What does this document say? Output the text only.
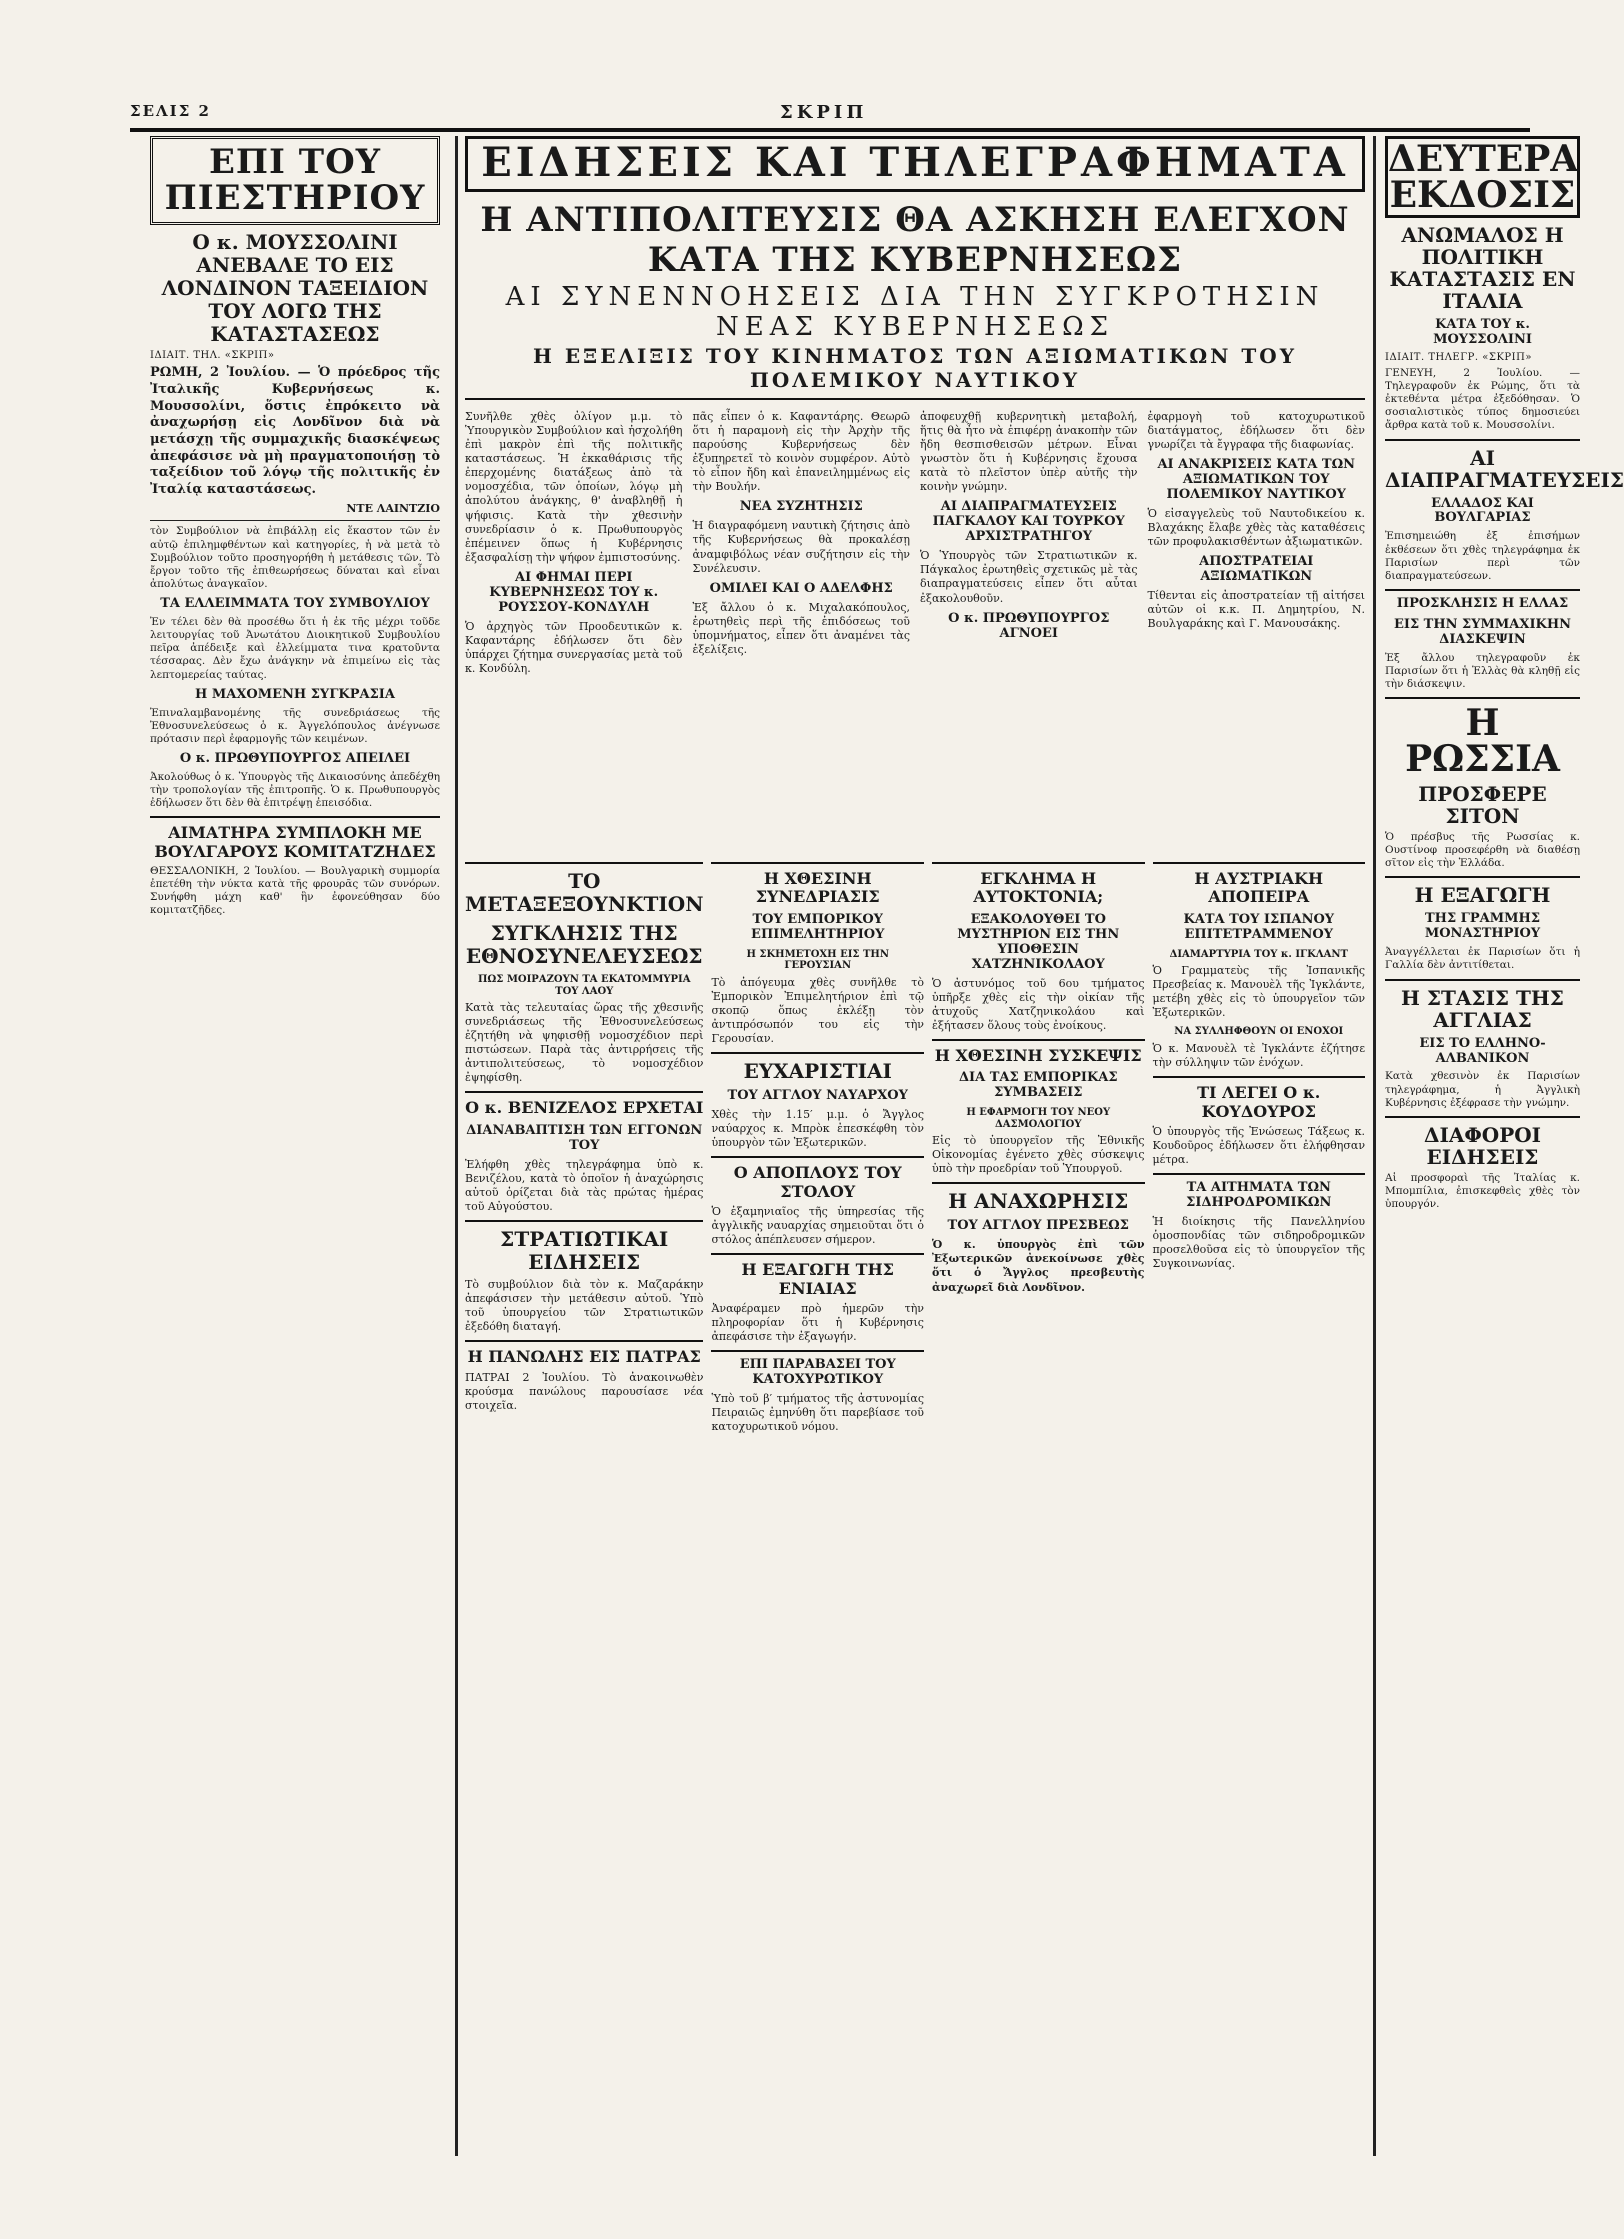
ΣΕΛΙΣ 2	ΣΚΡΙΠ
ΕΠΙ ΤΟΥ ΠΙΕΣΤΗΡΙΟΥ
Ο κ. ΜΟΥΣΣΟΛΙΝΙ ΑΝΕΒΑΛΕ ΤΟ ΕΙΣ ΛΟΝΔΙΝΟΝ ΤΑΞΕΙΔΙΟΝ ΤΟΥ ΛΟΓΩ ΤΗΣ ΚΑΤΑΣΤΑΣΕΩΣ
ΙΔΙΑΙΤ. ΤΗΛ. «ΣΚΡΙΠ»
ΡΩΜΗ, 2 Ἰουλίου. — Ὁ πρόεδρος τῆς Ἰταλικῆς Κυβερνήσεως κ. Μουσσολίνι, ὅστις ἐπρόκειτο νὰ ἀναχωρήσῃ εἰς Λονδῖνον διὰ νὰ μετάσχῃ τῆς συμμαχικῆς διασκέψεως ἀπεφάσισε νὰ μὴ πραγματοποιήσῃ τὸ ταξείδιον τοῦ λόγῳ τῆς πολιτικῆς ἐν Ἰταλίᾳ καταστάσεως.
ΝΤΕ ΛΑΙΝΤΖΙΟ
τὸν Συμβούλιον νὰ ἐπιβάλλῃ εἰς ἕκαστον τῶν ἐν αὐτῷ ἐπιλημφθέντων καὶ κατηγορίες, ἡ νὰ μετὰ τὸ Συμβούλιον τοῦτο προσηγορήθη ἡ μετάθεσις τῶν. Τὸ ἔργον τοῦτο τῆς ἐπιθεωρήσεως δύναται καὶ εἶναι ἀπολύτως ἀναγκαῖον.
ΤΑ ΕΛΛΕΙΜΜΑΤΑ ΤΟΥ ΣΥΜΒΟΥΛΙΟΥ
Ἐν τέλει δὲν θὰ προσέθω ὅτι ἡ ἐκ τῆς μέχρι τοῦδε λειτουργίας τοῦ Ἀνωτάτου Διοικητικοῦ Συμβουλίου πεῖρα ἀπέδειξε καὶ ἐλλείμματα τινα κρατοῦντα τέσσαρας. Δὲν ἔχω ἀνάγκην νὰ ἐπιμείνω εἰς τὰς λεπτομερείας ταύτας.
Η ΜΑΧΟΜΕΝΗ ΣΥΓΚΡΑΣΙΑ
Ἐπιναλαμβανομένης τῆς συνεδριάσεως τῆς Ἐθνοσυνελεύσεως ὁ κ. Ἀγγελόπουλος ἀνέγνωσε πρότασιν περὶ ἐφαρμογῆς τῶν κειμένων.
Ο κ. ΠΡΩΘΥΠΟΥΡΓΟΣ ΑΠΕΙΛΕΙ
Ἀκολούθως ὁ κ. Ὑπουργὸς τῆς Δικαιοσύνης ἀπεδέχθη τὴν τροπολογίαν τῆς ἐπιτροπῆς. Ὁ κ. Πρωθυπουργὸς ἐδήλωσεν ὅτι δὲν θὰ ἐπιτρέψῃ ἐπεισόδια.
ΑΙΜΑΤΗΡΑ ΣΥΜΠΛΟΚΗ ΜΕ ΒΟΥΛΓΑΡΟΥΣ ΚΟΜΙΤΑΤΖΗΔΕΣ
ΘΕΣΣΑΛΟΝΙΚΗ, 2 Ἰουλίου. — Βουλγαρικὴ συμμορία ἐπετέθη τὴν νύκτα κατὰ τῆς φρουρᾶς τῶν συνόρων. Συνήφθη μάχη καθ' ἣν ἐφονεύθησαν δύο κομιτατζῆδες.
ΕΙΔΗΣΕΙΣ ΚΑΙ ΤΗΛΕΓΡΑΦΗΜΑΤΑ
Η ΑΝΤΙΠΟΛΙΤΕΥΣΙΣ ΘΑ ΑΣΚΗΣΗ ΕΛΕΓΧΟΝ ΚΑΤΑ ΤΗΣ ΚΥΒΕΡΝΗΣΕΩΣ
ΑΙ ΣΥΝΕΝΝΟΗΣΕΙΣ ΔΙΑ ΤΗΝ ΣΥΓΚΡΟΤΗΣΙΝ ΝΕΑΣ ΚΥΒΕΡΝΗΣΕΩΣ
Η ΕΞΕΛΙΞΙΣ ΤΟΥ ΚΙΝΗΜΑΤΟΣ ΤΩΝ ΑΞΙΩΜΑΤΙΚΩΝ ΤΟΥ ΠΟΛΕΜΙΚΟΥ ΝΑΥΤΙΚΟΥ
Συνῆλθε χθὲς ὀλίγον μ.μ. τὸ Ὑπουργικὸν Συμβούλιον καὶ ἠσχολήθη ἐπὶ μακρὸν ἐπὶ τῆς πολιτικῆς καταστάσεως. Ἡ ἐκκαθάρισις τῆς ἐπερχομένης διατάξεως ἀπὸ τὰ νομοσχέδια, τῶν ὁποίων, λόγῳ μὴ ἀπολύτου ἀνάγκης, θ' ἀναβληθῇ ἡ ψήφισις. Κατὰ τὴν χθεσινὴν συνεδρίασιν ὁ κ. Πρωθυπουργὸς ἐπέμεινεν ὅπως ἡ Κυβέρνησις ἐξασφαλίσῃ τὴν ψήφον ἐμπιστοσύνης.
ΑΙ ΦΗΜΑΙ ΠΕΡΙ ΚΥΒΕΡΝΗΣΕΩΣ ΤΟΥ κ. ΡΟΥΣΣΟΥ-ΚΟΝΔΥΛΗ
Ὁ ἀρχηγὸς τῶν Προοδευτικῶν κ. Καφαντάρης ἐδήλωσεν ὅτι δὲν ὑπάρχει ζήτημα συνεργασίας μετὰ τοῦ κ. Κονδύλη.
πᾶς εἶπεν ὁ κ. Καφαντάρης. Θεωρῶ ὅτι ἡ παραμονὴ εἰς τὴν Ἀρχὴν τῆς παρούσης Κυβερνήσεως δὲν ἐξυπηρετεῖ τὸ κοινὸν συμφέρον. Αὐτὸ τὸ εἶπον ἤδη καὶ ἐπανειλημμένως εἰς τὴν Βουλήν.
ΝΕΑ ΣΥΖΗΤΗΣΙΣ
Ἡ διαγραφόμενη ναυτικὴ ζήτησις ἀπὸ τῆς Κυβερνήσεως θὰ προκαλέσῃ ἀναμφιβόλως νέαν συζήτησιν εἰς τὴν Συνέλευσιν.
ΟΜΙΛΕΙ ΚΑΙ Ο ΑΔΕΛΦΗΣ
Ἐξ ἄλλου ὁ κ. Μιχαλακόπουλος, ἐρωτηθεὶς περὶ τῆς ἐπιδόσεως τοῦ ὑπομνήματος, εἶπεν ὅτι ἀναμένει τὰς ἐξελίξεις.
ἀποφευχθῇ κυβερνητικὴ μεταβολή, ἥτις θὰ ἦτο νὰ ἐπιφέρῃ ἀνακοπὴν τῶν ἤδη θεσπισθεισῶν μέτρων. Εἶναι γνωστὸν ὅτι ἡ Κυβέρνησις ἔχουσα κατὰ τὸ πλεῖστον ὑπὲρ αὐτῆς τὴν κοινὴν γνώμην.
ΑΙ ΔΙΑΠΡΑΓΜΑΤΕΥΣΕΙΣ ΠΑΓΚΑΛΟΥ ΚΑΙ ΤΟΥΡΚΟΥ ΑΡΧΙΣΤΡΑΤΗΓΟΥ
Ὁ Ὑπουργὸς τῶν Στρατιωτικῶν κ. Πάγκαλος ἐρωτηθεὶς σχετικῶς μὲ τὰς διαπραγματεύσεις εἶπεν ὅτι αὗται ἐξακολουθοῦν.
Ο κ. ΠΡΩΘΥΠΟΥΡΓΟΣ ΑΓΝΟΕΙ
ἐφαρμογὴ τοῦ κατοχυρωτικοῦ διατάγματος, ἐδήλωσεν ὅτι δὲν γνωρίζει τὰ ἔγγραφα τῆς διαφωνίας.
ΑΙ ΑΝΑΚΡΙΣΕΙΣ ΚΑΤΑ ΤΩΝ ΑΞΙΩΜΑΤΙΚΩΝ ΤΟΥ ΠΟΛΕΜΙΚΟΥ ΝΑΥΤΙΚΟΥ
Ὁ εἰσαγγελεὺς τοῦ Ναυτοδικείου κ. Βλαχάκης ἔλαβε χθὲς τὰς καταθέσεις τῶν προφυλακισθέντων ἀξιωματικῶν.
ΑΠΟΣΤΡΑΤΕΙΑΙ ΑΞΙΩΜΑΤΙΚΩΝ
Τίθενται εἰς ἀποστρατείαν τῇ αἰτήσει αὐτῶν οἱ κ.κ. Π. Δημητρίου, Ν. Βουλγαράκης καὶ Γ. Μανουσάκης.
ΤΟ ΜΕΤΑΞΕΞΟΥΝΚΤΙΟΝ
ΣΥΓΚΛΗΣΙΣ ΤΗΣ ΕΘΝΟΣΥΝΕΛΕΥΣΕΩΣ
ΠΩΣ ΜΟΙΡΑΖΟΥΝ ΤΑ ΕΚΑΤΟΜΜΥΡΙΑ ΤΟΥ ΛΑΟΥ
Κατὰ τὰς τελευταίας ὥρας τῆς χθεσινῆς συνεδριάσεως τῆς Ἐθνοσυνελεύσεως ἐζητήθη νὰ ψηφισθῇ νομοσχέδιον περὶ πιστώσεων. Παρὰ τὰς ἀντιρρήσεις τῆς ἀντιπολιτεύσεως, τὸ νομοσχέδιον ἐψηφίσθη.
Ο κ. ΒΕΝΙΖΕΛΟΣ ΕΡΧΕΤΑΙ
ΔΙΑΝΑΒΑΠΤΙΣΗ ΤΩΝ ΕΓΓΟΝΩΝ ΤΟΥ
Ἐλήφθη χθὲς τηλεγράφημα ὑπὸ κ. Βενιζέλου, κατὰ τὸ ὁποῖον ἡ ἀναχώρησις αὐτοῦ ὁρίζεται διὰ τὰς πρώτας ἡμέρας τοῦ Αὐγούστου.
ΣΤΡΑΤΙΩΤΙΚΑΙ ΕΙΔΗΣΕΙΣ
Τὸ συμβούλιον διὰ τὸν κ. Μαζαράκην ἀπεφάσισεν τὴν μετάθεσιν αὐτοῦ. Ὑπὸ τοῦ ὑπουργείου τῶν Στρατιωτικῶν ἐξεδόθη διαταγή.
Η ΠΑΝΩΛΗΣ ΕΙΣ ΠΑΤΡΑΣ
ΠΑΤΡΑΙ 2 Ἰουλίου. Τὸ ἀνακοινωθὲν κρούσμα πανώλους παρουσίασε νέα στοιχεῖα.
Η ΧΘΕΣΙΝΗ ΣΥΝΕΔΡΙΑΣΙΣ
ΤΟΥ ΕΜΠΟΡΙΚΟΥ ΕΠΙΜΕΛΗΤΗΡΙΟΥ
Η ΣΚΗΜΕΤΟΧΗ ΕΙΣ ΤΗΝ ΓΕΡΟΥΣΙΑΝ
Τὸ ἀπόγευμα χθὲς συνῆλθε τὸ Ἐμπορικὸν Ἐπιμελητήριον ἐπὶ τῷ σκοπῷ ὅπως ἐκλέξῃ τὸν ἀντιπρόσωπόν του εἰς τὴν Γερουσίαν.
ΕΥΧΑΡΙΣΤΙΑΙ
ΤΟΥ ΑΓΓΛΟΥ ΝΑΥΑΡΧΟΥ
Χθὲς τὴν 1.15′ μ.μ. ὁ Ἄγγλος ναύαρχος κ. Μπρὸκ ἐπεσκέφθη τὸν ὑπουργὸν τῶν Ἐξωτερικῶν.
Ο ΑΠΟΠΛΟΥΣ ΤΟΥ ΣΤΟΛΟΥ
Ὁ ἐξαμηνιαῖος τῆς ὑπηρεσίας τῆς ἀγγλικῆς ναυαρχίας σημειοῦται ὅτι ὁ στόλος ἀπέπλευσεν σήμερον.
Η ΕΞΑΓΩΓΗ ΤΗΣ ΕΝΙΑΙΑΣ
Ἀναφέραμεν πρὸ ἡμερῶν τὴν πληροφορίαν ὅτι ἡ Κυβέρνησις ἀπεφάσισε τὴν ἐξαγωγήν.
ΕΠΙ ΠΑΡΑΒΑΣΕΙ ΤΟΥ ΚΑΤΟΧΥΡΩΤΙΚΟΥ
Ὑπὸ τοῦ β′ τμήματος τῆς ἀστυνομίας Πειραιῶς ἐμηνύθη ὅτι παρεβίασε τοῦ κατοχυρωτικοῦ νόμου.
ΕΓΚΛΗΜΑ Η ΑΥΤΟΚΤΟΝΙΑ;
ΕΞΑΚΟΛΟΥΘΕΙ ΤΟ ΜΥΣΤΗΡΙΟΝ ΕΙΣ ΤΗΝ ΥΠΟΘΕΣΙΝ ΧΑΤΖΗΝΙΚΟΛΑΟΥ
Ὁ ἀστυνόμος τοῦ 6ου τμήματος ὑπῆρξε χθὲς εἰς τὴν οἰκίαν τῆς ἀτυχοῦς Χατζηνικολάου καὶ ἐξήτασεν ὅλους τοὺς ἐνοίκους.
Η ΧΘΕΣΙΝΗ ΣΥΣΚΕΨΙΣ
ΔΙΑ ΤΑΣ ΕΜΠΟΡΙΚΑΣ ΣΥΜΒΑΣΕΙΣ
Η ΕΦΑΡΜΟΓΗ ΤΟΥ ΝΕΟΥ ΔΑΣΜΟΛΟΓΙΟΥ
Εἰς τὸ ὑπουργεῖον τῆς Ἐθνικῆς Οἰκονομίας ἐγένετο χθὲς σύσκεψις ὑπὸ τὴν προεδρίαν τοῦ Ὑπουργοῦ.
Η ΑΝΑΧΩΡΗΣΙΣ
ΤΟΥ ΑΓΓΛΟΥ ΠΡΕΣΒΕΩΣ
Ὁ κ. ὑπουργὸς ἐπὶ τῶν Ἐξωτερικῶν ἀνεκοίνωσε χθὲς ὅτι ὁ Ἄγγλος πρεσβευτὴς ἀναχωρεῖ διὰ Λονδῖνον.
Η ΑΥΣΤΡΙΑΚΗ ΑΠΟΠΕΙΡΑ
ΚΑΤΑ ΤΟΥ ΙΣΠΑΝΟΥ ΕΠΙΤΕΤΡΑΜΜΕΝΟΥ
ΔΙΑΜΑΡΤΥΡΙΑ ΤΟΥ κ. ΙΓΚΛΑΝΤ
Ὁ Γραμματεὺς τῆς Ἰσπανικῆς Πρεσβείας κ. Μανουὲλ τῆς Ἰγκλάντε, μετέβη χθὲς εἰς τὸ ὑπουργεῖον τῶν Ἐξωτερικῶν.
ΝΑ ΣΥΛΛΗΦΘΟΥΝ ΟΙ ΕΝΟΧΟΙ
Ὁ κ. Μανουὲλ τὲ Ἰγκλάντε ἐζήτησε τὴν σύλληψιν τῶν ἐνόχων.
ΤΙ ΛΕΓΕΙ Ο κ. ΚΟΥΔΟΥΡΟΣ
Ὁ ὑπουργὸς τῆς Ἐνώσεως Τάξεως κ. Κουδοῦρος ἐδήλωσεν ὅτι ἐλήφθησαν μέτρα.
ΤΑ ΑΙΤΗΜΑΤΑ ΤΩΝ ΣΙΔΗΡΟΔΡΟΜΙΚΩΝ
Ἡ διοίκησις τῆς Πανελληνίου ὁμοσπονδίας τῶν σιδηροδρομικῶν προσελθοῦσα εἰς τὸ ὑπουργεῖον τῆς Συγκοινωνίας.
ΔΕΥΤΕΡΑ ΕΚΔΟΣΙΣ
ΑΝΩΜΑΛΟΣ Η ΠΟΛΙΤΙΚΗ ΚΑΤΑΣΤΑΣΙΣ ΕΝ ΙΤΑΛΙΑ
ΚΑΤΑ ΤΟΥ κ. ΜΟΥΣΣΟΛΙΝΙ
ΙΔΙΑΙΤ. ΤΗΛΕΓΡ. «ΣΚΡΙΠ»
ΓΕΝΕΥΗ, 2 Ἰουλίου. — Τηλεγραφοῦν ἐκ Ρώμης, ὅτι τὰ ἐκτεθέντα μέτρα ἐξεδόθησαν. Ὁ σοσιαλιστικὸς τύπος δημοσιεύει ἄρθρα κατὰ τοῦ κ. Μουσσολίνι.
ΑΙ ΔΙΑΠΡΑΓΜΑΤΕΥΣΕΙΣ
ΕΛΛΑΔΟΣ ΚΑΙ ΒΟΥΛΓΑΡΙΑΣ
Ἐπισημειώθη ἐξ ἐπισήμων ἐκθέσεων ὅτι χθὲς τηλεγράφημα ἐκ Παρισίων περὶ τῶν διαπραγματεύσεων.
ΠΡΟΣΚΛΗΣΙΣ Η ΕΛΛΑΣ
ΕΙΣ ΤΗΝ ΣΥΜΜΑΧΙΚΗΝ ΔΙΑΣΚΕΨΙΝ
Ἐξ ἄλλου τηλεγραφοῦν ἐκ Παρισίων ὅτι ἡ Ἑλλὰς θὰ κληθῇ εἰς τὴν διάσκεψιν.
Η ΡΩΣΣΙΑ
ΠΡΟΣΦΕΡΕ ΣΙΤΟΝ
Ὁ πρέσβυς τῆς Ρωσσίας κ. Ουστίνοφ προσεφέρθη νὰ διαθέσῃ σῖτον εἰς τὴν Ἑλλάδα.
Η ΕΞΑΓΩΓΗ
ΤΗΣ ΓΡΑΜΜΗΣ ΜΟΝΑΣΤΗΡΙΟΥ
Ἀναγγέλλεται ἐκ Παρισίων ὅτι ἡ Γαλλία δὲν ἀντιτίθεται.
Η ΣΤΑΣΙΣ ΤΗΣ ΑΓΓΛΙΑΣ
ΕΙΣ ΤΟ ΕΛΛΗΝΟ-ΑΛΒΑΝΙΚΟΝ
Κατὰ χθεσινὸν ἐκ Παρισίων τηλεγράφημα, ἡ Ἀγγλικὴ Κυβέρνησις ἐξέφρασε τὴν γνώμην.
ΔΙΑΦΟΡΟΙ ΕΙΔΗΣΕΙΣ
Αἱ προσφοραὶ τῆς Ἰταλίας κ. Μπομπίλια, ἐπισκεφθεὶς χθὲς τὸν ὑπουργόν.
